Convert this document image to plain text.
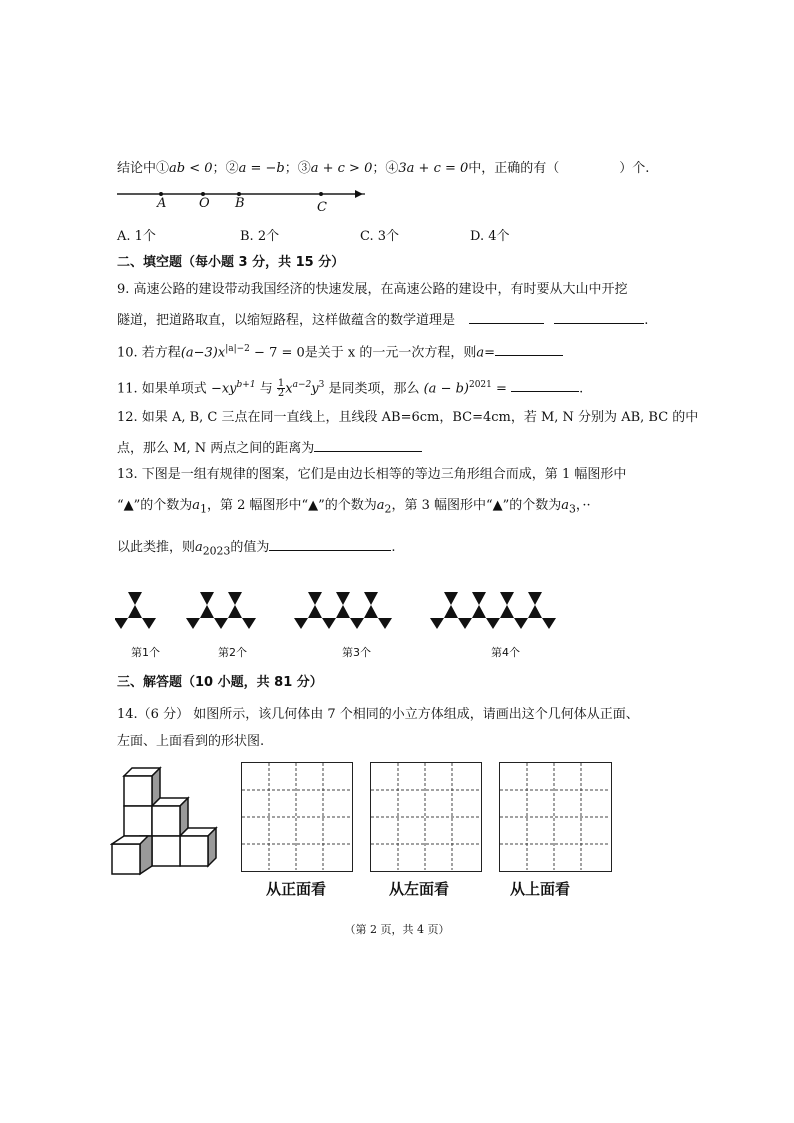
结论中①ab < 0；②a = −b；③a + c > 0；④3a + c = 0中，正确的有（	）个.
A	O B	C
A. 1个	B. 2个	C. 3个	D. 4个
二、填空题（每小题 3 分，共 15 分）
9. 高速公路的建设带动我国经济的快速发展，在高速公路的建设中，有时要从大山中开挖
隧道，把道路取直，以缩短路程，这样做蕴含的数学道理是	.
10. 若方程$(a-3)x^{|a|-2} - 7 = 0$是关于 x 的一元一次方程，则a=
11. 如果单项式 $-xy^{b+1}$ 与 $\frac{1}{2} x^{a-2}y^3$ 是同类项，那么 $(a - b)^{2021}$ =	.
12. 如果 A, B, C 三点在同一直线上，且线段 AB=6cm，BC=4cm，若 M, N 分别为 AB, BC 的中
点，那么 M, N 两点之间的距离为
13. 下图是一组有规律的图案，它们是由边长相等的等边三角形组合而成，第 1 幅图形中
“▲”的个数为$a_1$，第 2 幅图形中“▲”的个数为$a_2$，第 3 幅图形中“▲”的个数为$a_3$，··
以此类推，则$a_{2023}$的值为	.
第1个	第2个	第3个	第4个
三、解答题（10 小题，共 81 分）
14.（6 分） 如图所示，该几何体由 7 个相同的小立方体组成，请画出这个几何体从正面、
左面、上面看到的形状图.
从正面看	从左面看	从上面看
（第 2 页，共 4 页）
